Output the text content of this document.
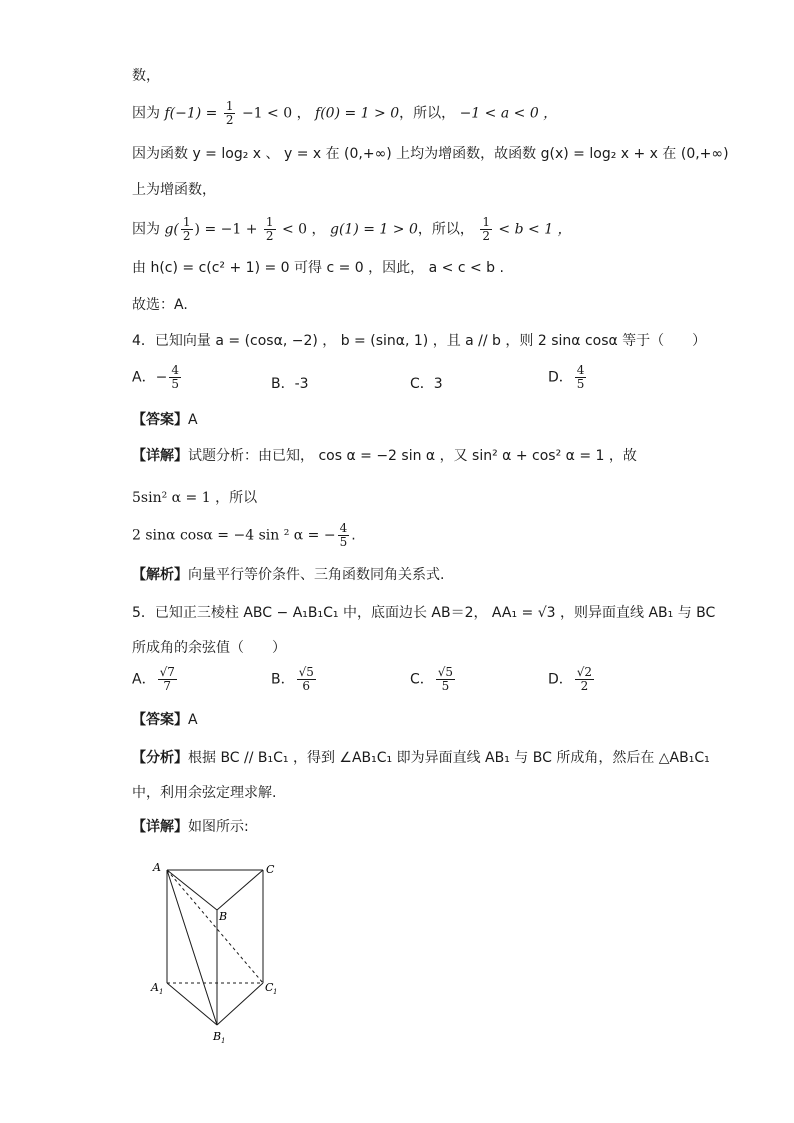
数，
因为 $f(-1) = \frac{1}{2} -1 < 0$ ， f(0) = 1 > 0，所以， −1 < a < 0 ，
因为函数 y = log₂ x 、 y = x 在 (0,+∞) 上均为增函数，故函数 g(x) = log₂ x + x 在 (0,+∞)
上为增函数，
因为 $g( \frac{1}{2}$ ) = $-1 + \frac{1}{2} < 0$ ， g(1) = 1 > 0，所以， $\frac{1}{2} < b < 1$ ，
由 h(c) = c(c² + 1) = 0 可得 c = 0 ，因此， a < c < b .
故选：A.
4．已知向量 a = (cosα, −2) ， b = (sinα, 1) ，且 a // b ，则 2 sinα cosα 等于（　　）
A．− $\frac{4}{5}$	B．-3	C．3	D． $\frac{4}{5}$
【答案】A
【详解】试题分析：由已知， cos α = −2 sin α ，又 sin² α + cos² α = 1 ，故
5sin² α = 1 ，所以
2 sinα cosα = −4 sin ² α = − $\frac{4}{5}$ .
【解析】向量平行等价条件、三角函数同角关系式.
5．已知正三棱柱 ABC − A₁B₁C₁ 中，底面边长 AB＝2， AA₁ = √3 ，则异面直线 AB₁ 与 BC
所成角的余弦值（　　）
A． $\frac{√7}{7}$	B． $\frac{√5}{6}$	C． $\frac{√5}{5}$	D． $\frac{√2}{2}$
【答案】A
【分析】根据 BC // B₁C₁ ，得到 ∠AB₁C₁ 即为异面直线 AB₁ 与 BC 所成角，然后在 △AB₁C₁
中，利用余弦定理求解.
【详解】如图所示:
A	C
B
A 1	C 1
B 1
